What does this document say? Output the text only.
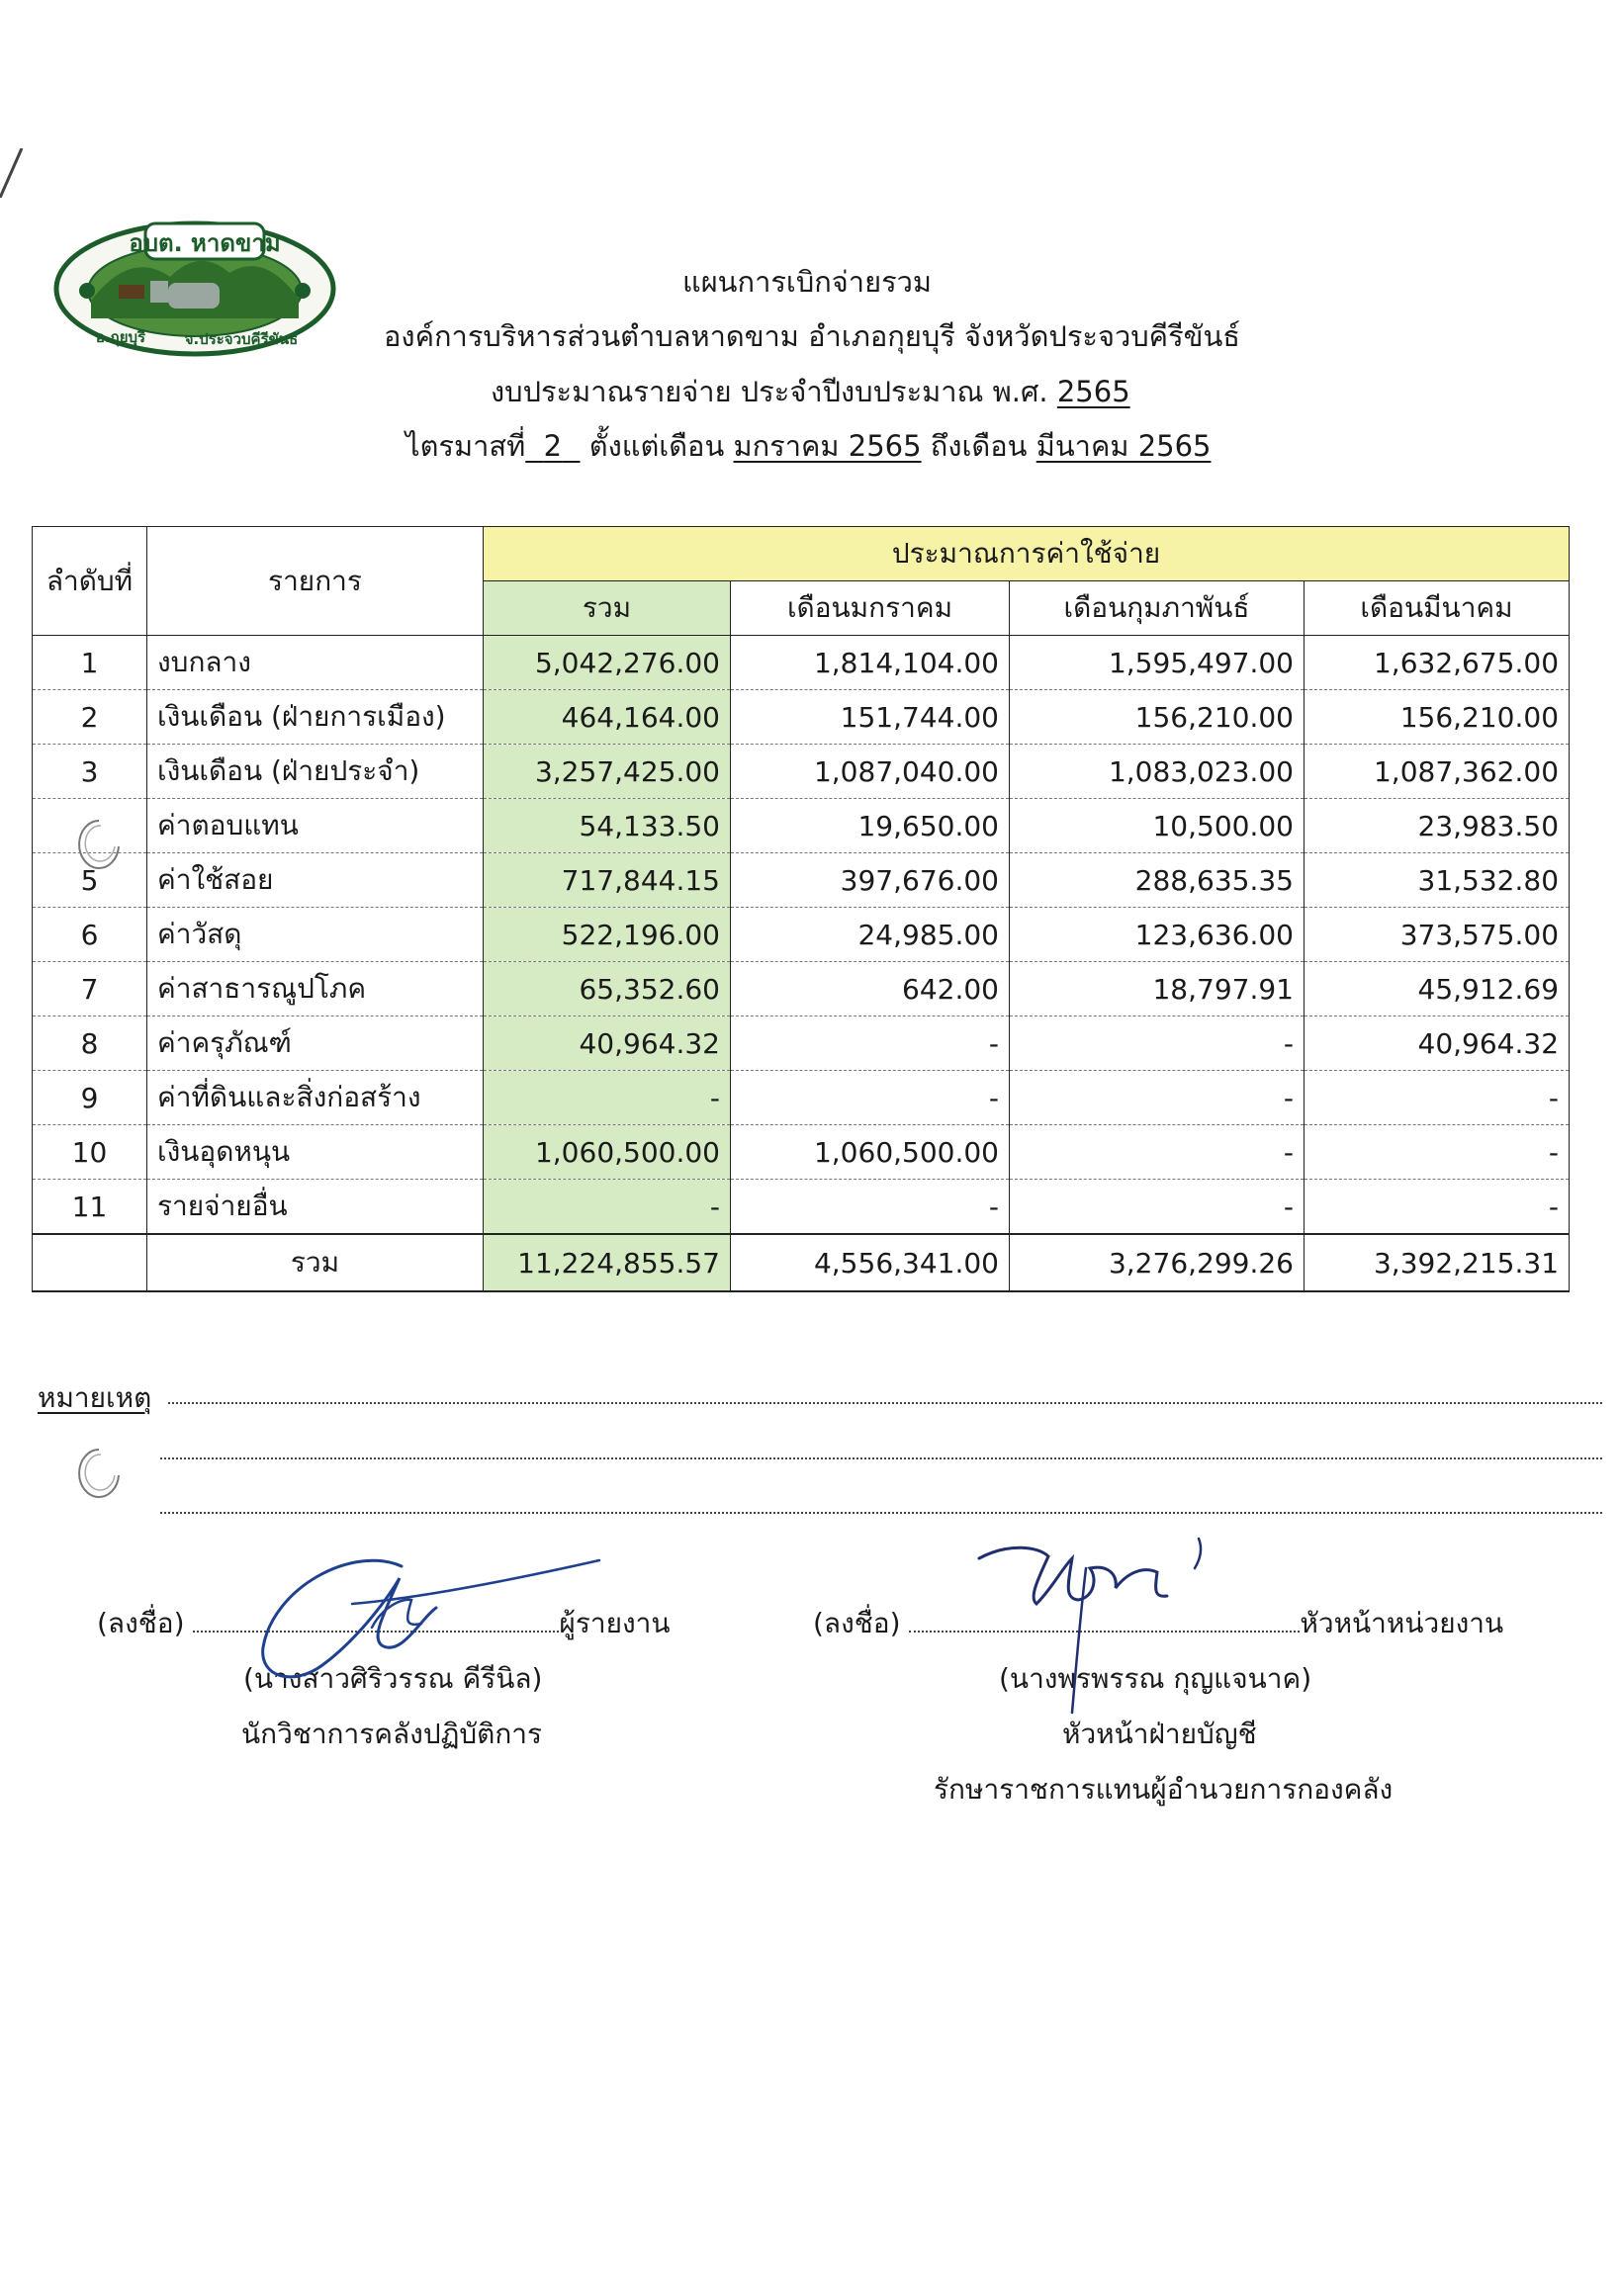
อบต. หาดขาม
อ.กุยบุรี	จ.ประจวบคีรีขันธ์
แผนการเบิกจ่ายรวม
องค์การบริหารส่วนตำบลหาดขาม อำเภอกุยบุรี จังหวัดประจวบคีรีขันธ์
งบประมาณรายจ่าย ประจำปีงบประมาณ พ.ศ. 2565
ไตรมาสที่ 2 ตั้งแต่เดือน มกราคม 2565 ถึงเดือน มีนาคม 2565
ลำดับที่	รายการ	ประมาณการค่าใช้จ่าย			
		รวม	เดือนมกราคม	เดือนกุมภาพันธ์	เดือนมีนาคม
1	งบกลาง	5,042,276.00	1,814,104.00	1,595,497.00	1,632,675.00
2	เงินเดือน (ฝ่ายการเมือง)	464,164.00	151,744.00	156,210.00	156,210.00
3	เงินเดือน (ฝ่ายประจำ)	3,257,425.00	1,087,040.00	1,083,023.00	1,087,362.00
	ค่าตอบแทน	54,133.50	19,650.00	10,500.00	23,983.50
5	ค่าใช้สอย	717,844.15	397,676.00	288,635.35	31,532.80
6	ค่าวัสดุ	522,196.00	24,985.00	123,636.00	373,575.00
7	ค่าสาธารณูปโภค	65,352.60	642.00	18,797.91	45,912.69
8	ค่าครุภัณฑ์	40,964.32	-	-	40,964.32
9	ค่าที่ดินและสิ่งก่อสร้าง	-	-	-	-
10	เงินอุดหนุน	1,060,500.00	1,060,500.00	-	-
11	รายจ่ายอื่น	-	-	-	-
	รวม	11,224,855.57	4,556,341.00	3,276,299.26	3,392,215.31
หมายเหตุ
(ลงชื่อ)	ผู้รายงาน
(นางสาวศิริวรรณ คีรีนิล)
นักวิชาการคลังปฏิบัติการ
(ลงชื่อ)	หัวหน้าหน่วยงาน
(นางพรพรรณ กุญแจนาค)
หัวหน้าฝ่ายบัญชี
รักษาราชการแทนผู้อำนวยการกองคลัง
